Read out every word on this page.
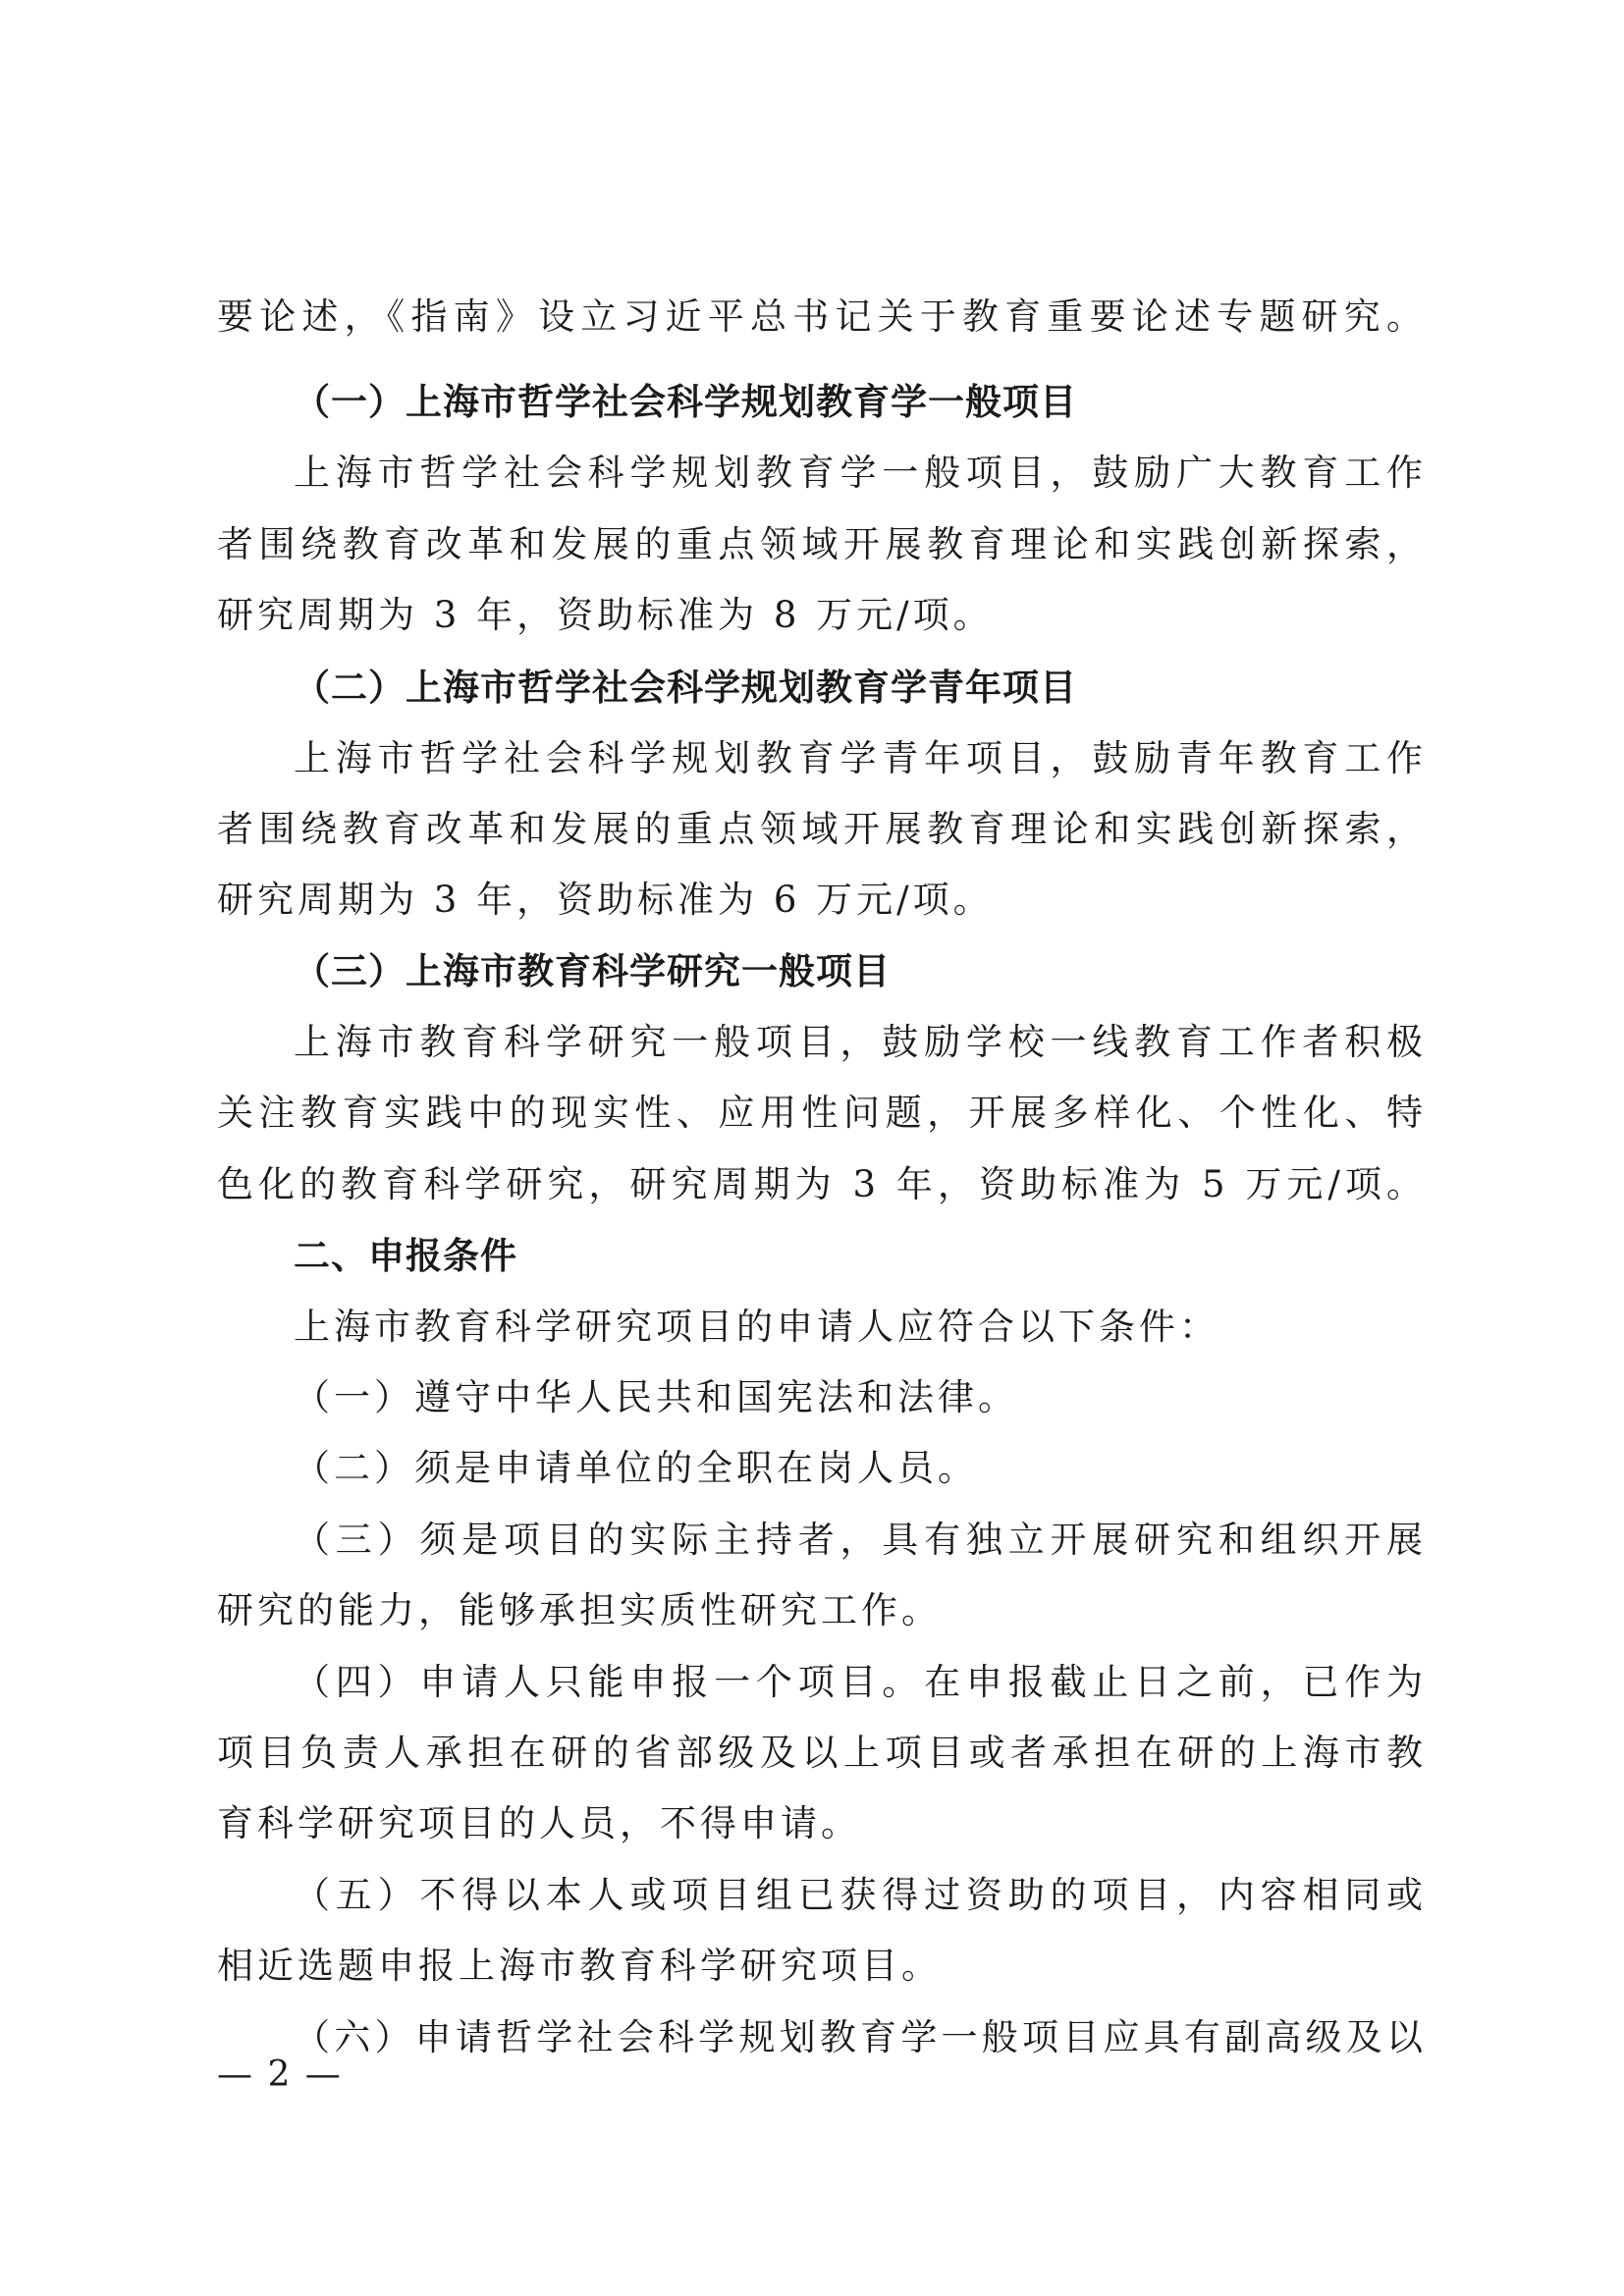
要论述，《指南》设立习近平总书记关于教育重要论述专题研究。
（一）上海市哲学社会科学规划教育学一般项目
上海市哲学社会科学规划教育学一般项目，鼓励广大教育工作
者围绕教育改革和发展的重点领域开展教育理论和实践创新探索，
研究周期为 3 年，资助标准为 8 万元/项。
（二）上海市哲学社会科学规划教育学青年项目
上海市哲学社会科学规划教育学青年项目，鼓励青年教育工作
者围绕教育改革和发展的重点领域开展教育理论和实践创新探索，
研究周期为 3 年，资助标准为 6 万元/项。
（三）上海市教育科学研究一般项目
上海市教育科学研究一般项目，鼓励学校一线教育工作者积极
关注教育实践中的现实性、应用性问题，开展多样化、个性化、特
色化的教育科学研究，研究周期为 3 年，资助标准为 5 万元/项。
二、申报条件
上海市教育科学研究项目的申请人应符合以下条件：
（一）遵守中华人民共和国宪法和法律。
（二）须是申请单位的全职在岗人员。
（三）须是项目的实际主持者，具有独立开展研究和组织开展
研究的能力，能够承担实质性研究工作。
（四）申请人只能申报一个项目。在申报截止日之前，已作为
项目负责人承担在研的省部级及以上项目或者承担在研的上海市教
育科学研究项目的人员，不得申请。
（五）不得以本人或项目组已获得过资助的项目，内容相同或
相近选题申报上海市教育科学研究项目。
（六）申请哲学社会科学规划教育学一般项目应具有副高级及以
— 2 —
